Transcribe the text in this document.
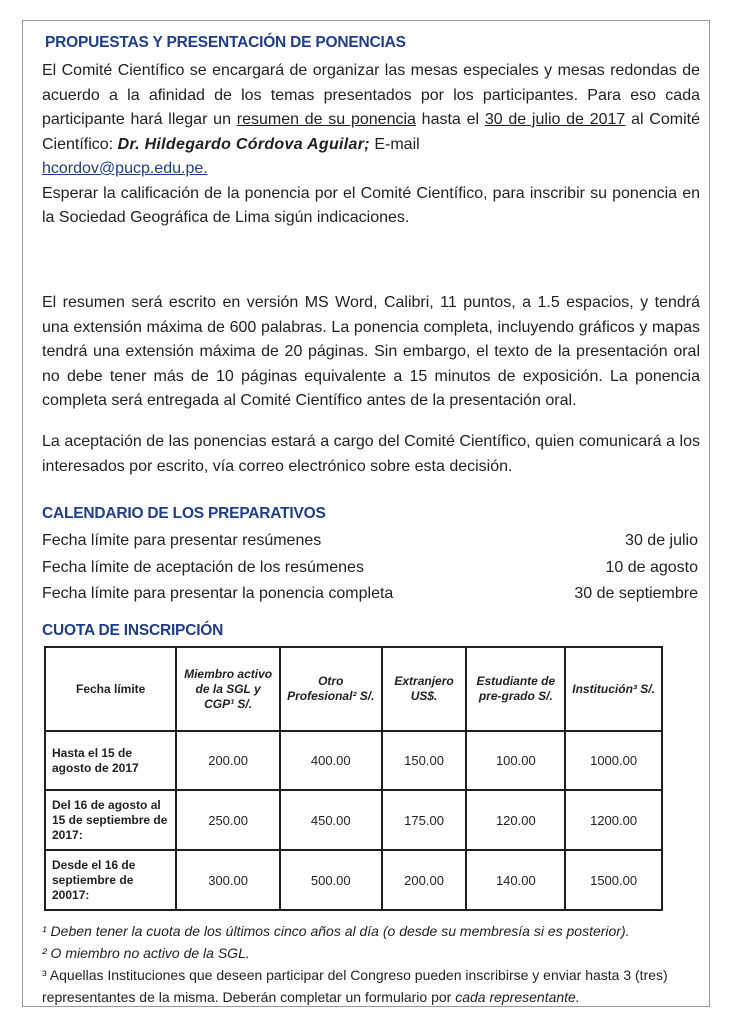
PROPUESTAS Y PRESENTACIÓN DE PONENCIAS

El Comité Científico se encargará de organizar las mesas especiales y mesas redondas de acuerdo a la afinidad de los temas presentados por los participantes. Para eso cada participante hará llegar un resumen de su ponencia hasta el 30 de julio de 2017 al Comité Científico: Dr. Hildegardo Córdova Aguilar; E-mail
hcordov@pucp.edu.pe.
Esperar la calificación de la ponencia por el Comité Científico, para inscribir su ponencia en la Sociedad Geográfica de Lima sigún indicaciones.

El resumen será escrito en versión MS Word, Calibri, 11 puntos, a 1.5 espacios, y tendrá una extensión máxima de 600 palabras. La ponencia completa, incluyendo gráficos y mapas tendrá una extensión máxima de 20 páginas. Sin embargo, el texto de la presentación oral no debe tener más de 10 páginas equivalente a 15 minutos de exposición. La ponencia completa será entregada al Comité Científico antes de la presentación oral.

La aceptación de las ponencias estará a cargo del Comité Científico, quien comunicará a los interesados por escrito, vía correo electrónico sobre esta decisión.

CALENDARIO DE LOS PREPARATIVOS
Fecha límite para presentar resúmenes	30 de julio
Fecha límite de aceptación de los resúmenes	10 de agosto
Fecha límite para presentar la ponencia completa	30 de septiembre
CUOTA DE INSCRIPCIÓN
Fecha límite	Miembro activo de la SGL y CGP¹ S/.	Otro Profesional² S/.	Extranjero US$.	Estudiante de pre-grado S/.	Institución³ S/.
Hasta el 15 de agosto de 2017	200.00	400.00	150.00	100.00	1000.00
Del 16 de agosto al 15 de septiembre de 2017:	250.00	450.00	175.00	120.00	1200.00
Desde el 16 de septiembre de 20017:	300.00	500.00	200.00	140.00	1500.00
¹ Deben tener la cuota de los últimos cinco años al día (o desde su membresía si es posterior).
² O miembro no activo de la SGL.
³ Aquellas Instituciones que deseen participar del Congreso pueden inscribirse y enviar hasta 3 (tres) representantes de la misma. Deberán completar un formulario por cada representante.
